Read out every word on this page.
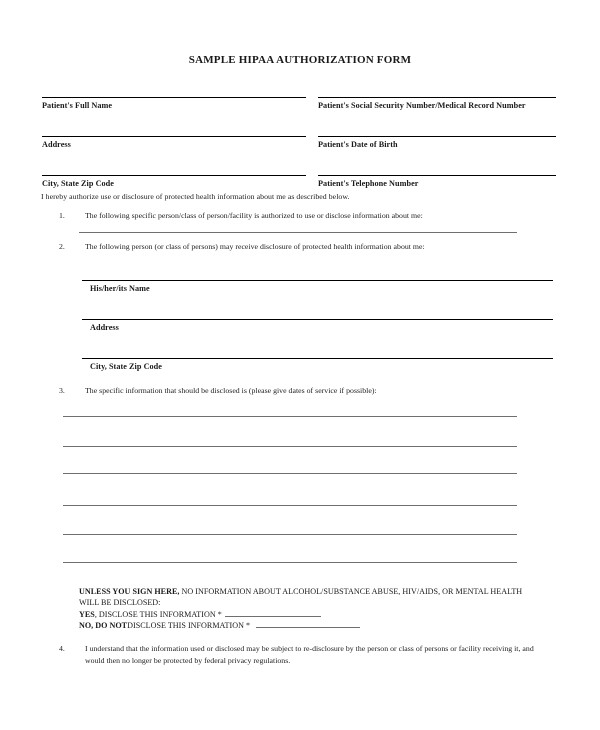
SAMPLE HIPAA AUTHORIZATION FORM
Patient's Full Name	Patient's Social Security Number/Medical Record Number
Address	Patient's Date of Birth
City, State Zip Code	Patient's Telephone Number
I hereby authorize use or disclosure of protected health information about me as described below.
1.	The following specific person/class of person/facility is authorized to use or disclose information about me:
2.	The following person (or class of persons) may receive disclosure of protected health information about me:
His/her/its Name
Address
City, State Zip Code
3.	The specific information that should be disclosed is (please give dates of service if possible):
UNLESS YOU SIGN HERE, NO INFORMATION ABOUT ALCOHOL/SUBSTANCE ABUSE, HIV/AIDS, OR MENTAL HEALTH
WILL BE DISCLOSED:
YES, DISCLOSE THIS INFORMATION *
NO, DO NOTDISCLOSE THIS INFORMATION *
4.	I understand that the information used or disclosed may be subject to re-disclosure by the person or class of persons or facility receiving it, and would then no longer be protected by federal privacy regulations.
